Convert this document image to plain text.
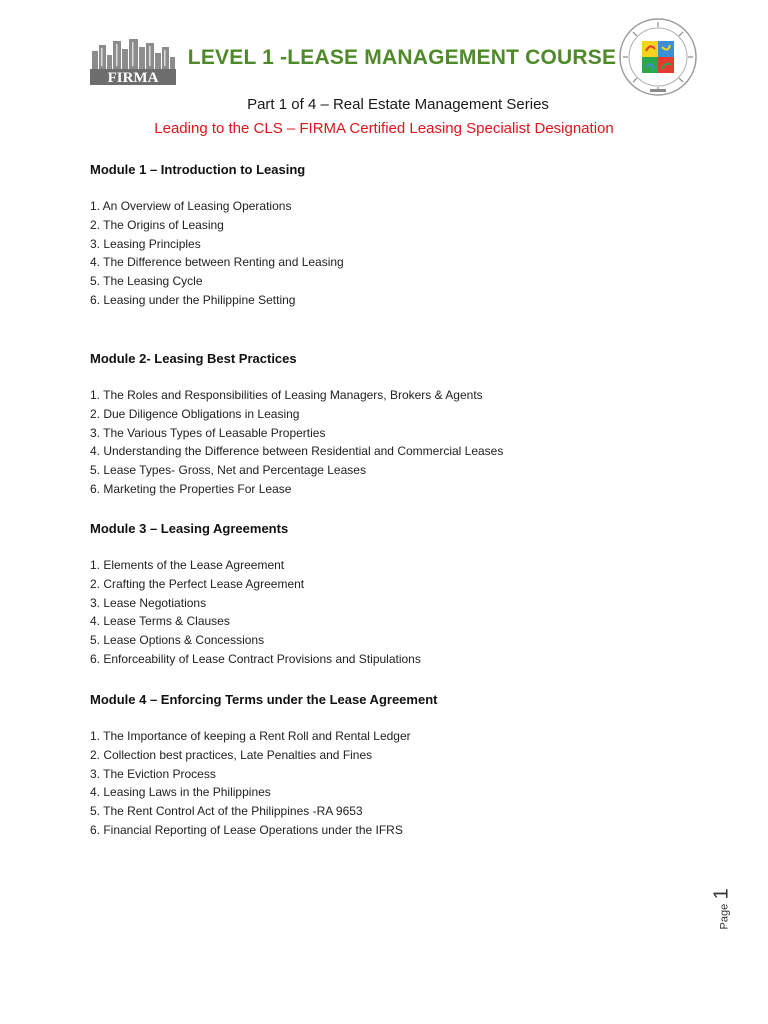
FIRMA
LEVEL 1 -LEASE MANAGEMENT COURSE
Part 1 of 4 – Real Estate Management Series
Leading to the CLS – FIRMA Certified Leasing Specialist Designation
Module 1 – Introduction to Leasing
1. An Overview of Leasing Operations
2. The Origins of Leasing
3. Leasing Principles
4. The Difference between Renting and Leasing
5. The Leasing Cycle
6. Leasing under the Philippine Setting
Module 2- Leasing Best Practices
1. The Roles and Responsibilities of Leasing Managers, Brokers & Agents
2. Due Diligence Obligations in Leasing
3. The Various Types of Leasable Properties
4. Understanding the Difference between Residential and Commercial Leases
5. Lease Types- Gross, Net and Percentage Leases
6. Marketing the Properties For Lease
Module 3 – Leasing Agreements
1. Elements of the Lease Agreement
2. Crafting the Perfect Lease Agreement
3. Lease Negotiations
4. Lease Terms & Clauses
5. Lease Options & Concessions
6. Enforceability of Lease Contract Provisions and Stipulations
Module 4 – Enforcing Terms under the Lease Agreement
1. The Importance of keeping a Rent Roll and Rental Ledger
2. Collection best practices, Late Penalties and Fines
3. The Eviction Process
4. Leasing Laws in the Philippines
5. The Rent Control Act of the Philippines -RA 9653
6. Financial Reporting of Lease Operations under the IFRS
Page 1
